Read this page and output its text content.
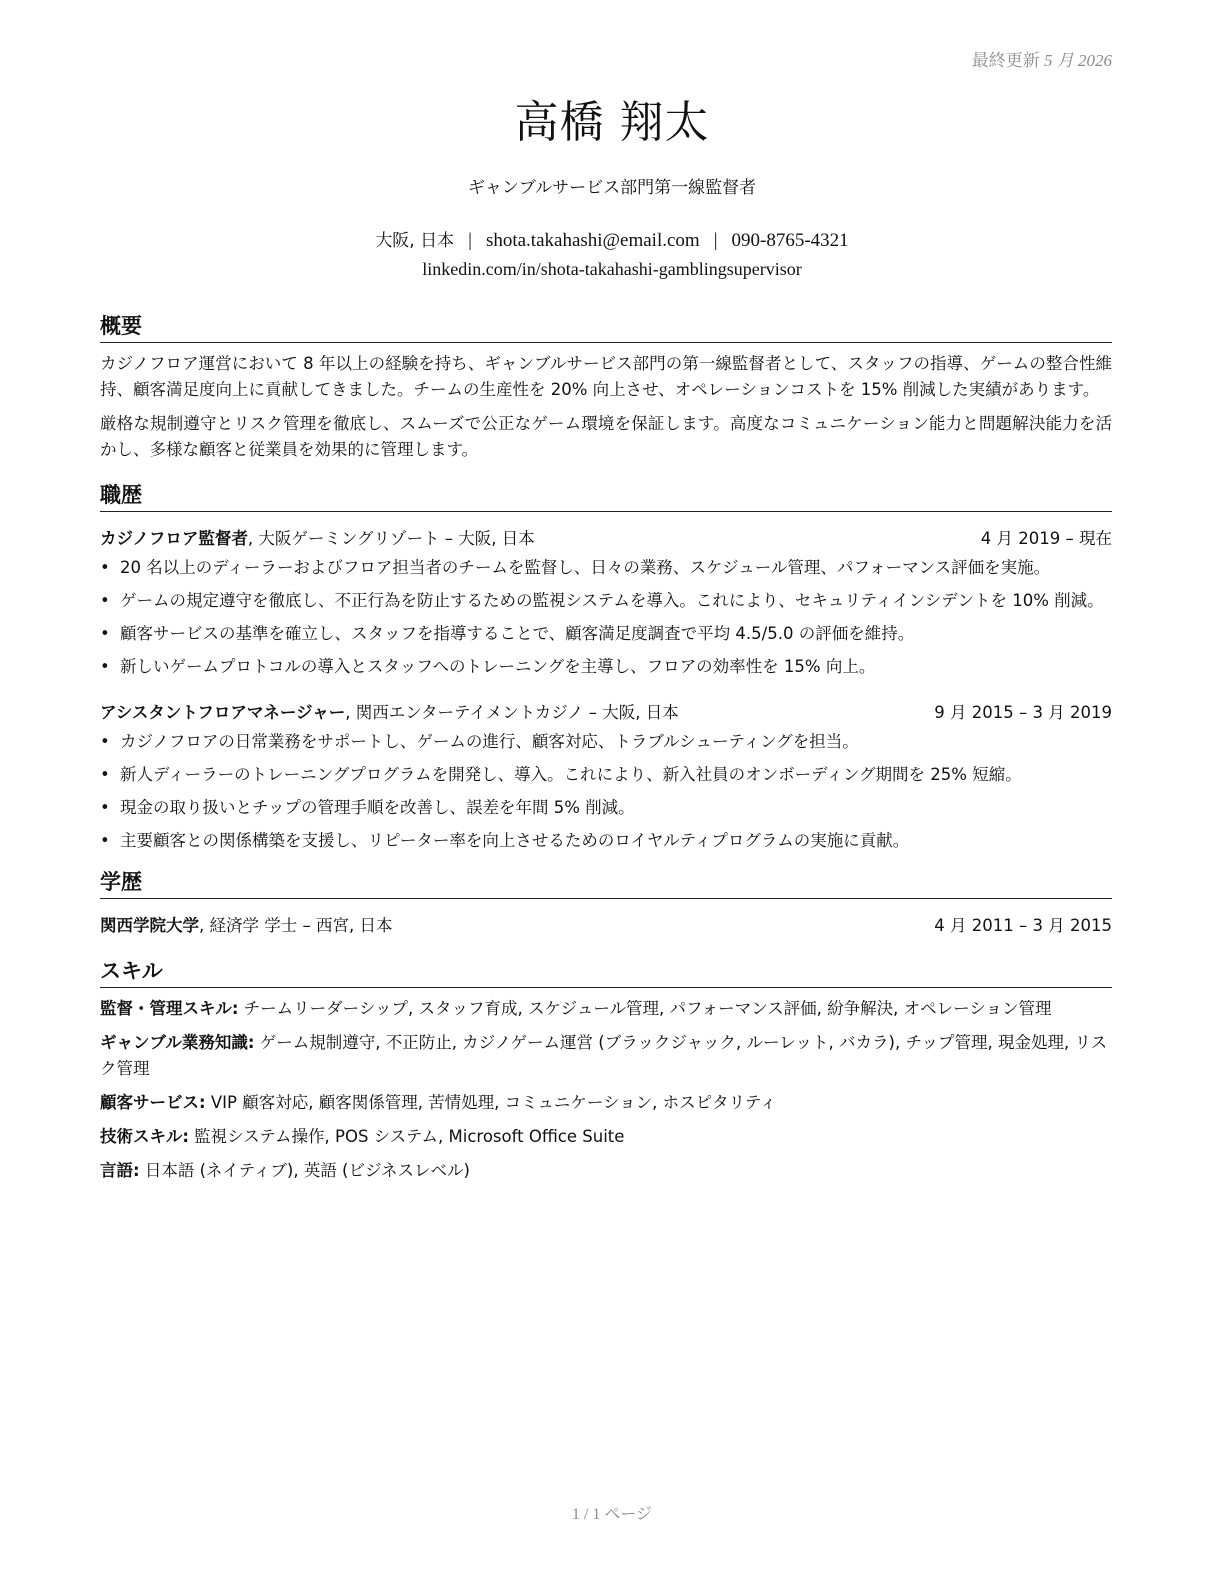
最終更新 5 月 2026
高橋 翔太
ギャンブルサービス部門第一線監督者
大阪, 日本 | shota.takahashi@email.com | 090-8765-4321
linkedin.com/in/shota-takahashi-gamblingsupervisor
概要

カジノフロア運営において 8 年以上の経験を持ち、ギャンブルサービス部門の第一線監督者として、スタッフの指導、ゲームの整合性維持、顧客満足度向上に貢献してきました。チームの生産性を 20% 向上させ、オペレーションコストを 15% 削減した実績があります。

厳格な規制遵守とリスク管理を徹底し、スムーズで公正なゲーム環境を保証します。高度なコミュニケーション能力と問題解決能力を活かし、多様な顧客と従業員を効果的に管理します。

職歴
カジノフロア監督者, 大阪ゲーミングリゾート – 大阪, 日本	4 月 2019 – 現在
• 20 名以上のディーラーおよびフロア担当者のチームを監督し、日々の業務、スケジュール管理、パフォーマンス評価を実施。
• ゲームの規定遵守を徹底し、不正行為を防止するための監視システムを導入。これにより、セキュリティインシデントを 10% 削減。
• 顧客サービスの基準を確立し、スタッフを指導することで、顧客満足度調査で平均 4.5/5.0 の評価を維持。
• 新しいゲームプロトコルの導入とスタッフへのトレーニングを主導し、フロアの効率性を 15% 向上。
アシスタントフロアマネージャー, 関西エンターテイメントカジノ – 大阪, 日本	9 月 2015 – 3 月 2019
• カジノフロアの日常業務をサポートし、ゲームの進行、顧客対応、トラブルシューティングを担当。
• 新人ディーラーのトレーニングプログラムを開発し、導入。これにより、新入社員のオンボーディング期間を 25% 短縮。
• 現金の取り扱いとチップの管理手順を改善し、誤差を年間 5% 削減。
• 主要顧客との関係構築を支援し、リピーター率を向上させるためのロイヤルティプログラムの実施に貢献。
学歴
関西学院大学, 経済学 学士 – 西宮, 日本	4 月 2011 – 3 月 2015
スキル
監督・管理スキル: チームリーダーシップ, スタッフ育成, スケジュール管理, パフォーマンス評価, 紛争解決, オペレーション管理
ギャンブル業務知識: ゲーム規制遵守, 不正防止, カジノゲーム運営 (ブラックジャック, ルーレット, バカラ), チップ管理, 現金処理, リスク管理
顧客サービス: VIP 顧客対応, 顧客関係管理, 苦情処理, コミュニケーション, ホスピタリティ
技術スキル: 監視システム操作, POS システム, Microsoft Office Suite
言語: 日本語 (ネイティブ), 英語 (ビジネスレベル)
1 / 1 ページ
